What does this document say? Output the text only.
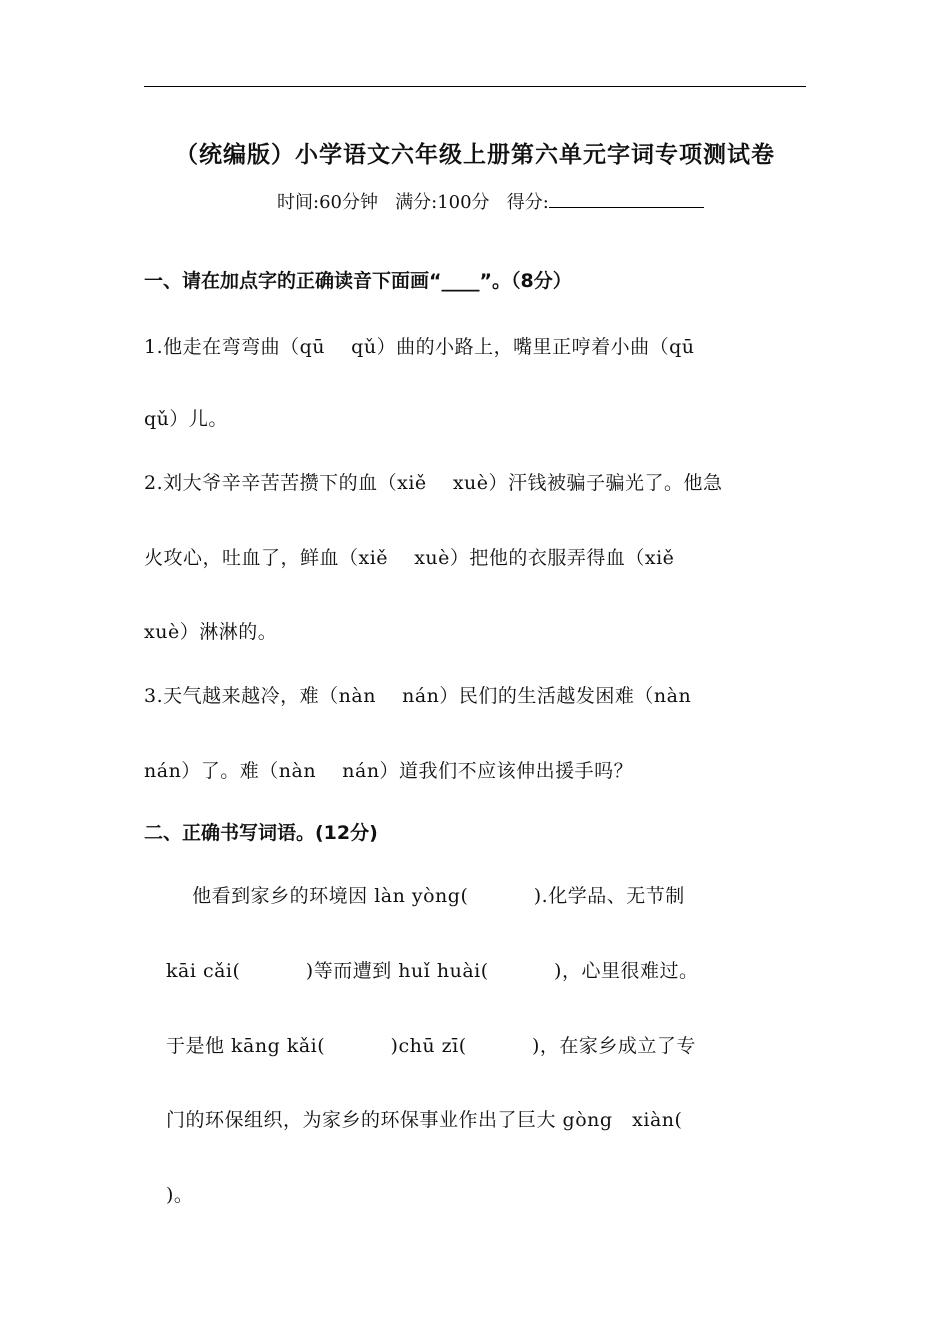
（统编版）小学语文六年级上册第六单元字词专项测试卷
时间:60分钟   满分:100分   得分:
一、请在加点字的正确读音下面画“____”。（8分）
1.他走在弯弯曲（qū    qǔ）曲的小路上，嘴里正哼着小曲（qū
qǔ）儿。
2.刘大爷辛辛苦苦攒下的血（xiě    xuè）汗钱被骗子骗光了。他急
火攻心，吐血了，鲜血（xiě    xuè）把他的衣服弄得血（xiě
xuè）淋淋的。
3.天气越来越冷，难（nàn    nán）民们的生活越发困难（nàn
nán）了。难（nàn    nán）道我们不应该伸出援手吗？
二、正确书写词语。(12分)
他看到家乡的环境因 làn yòng(          ).化学品、无节制
kāi cǎi(          )等而遭到 huǐ huài(          )，心里很难过。
于是他 kāng kǎi(          )chū zī(          )，在家乡成立了专
门的环保组织，为家乡的环保事业作出了巨大 gòng   xiàn(
)。
